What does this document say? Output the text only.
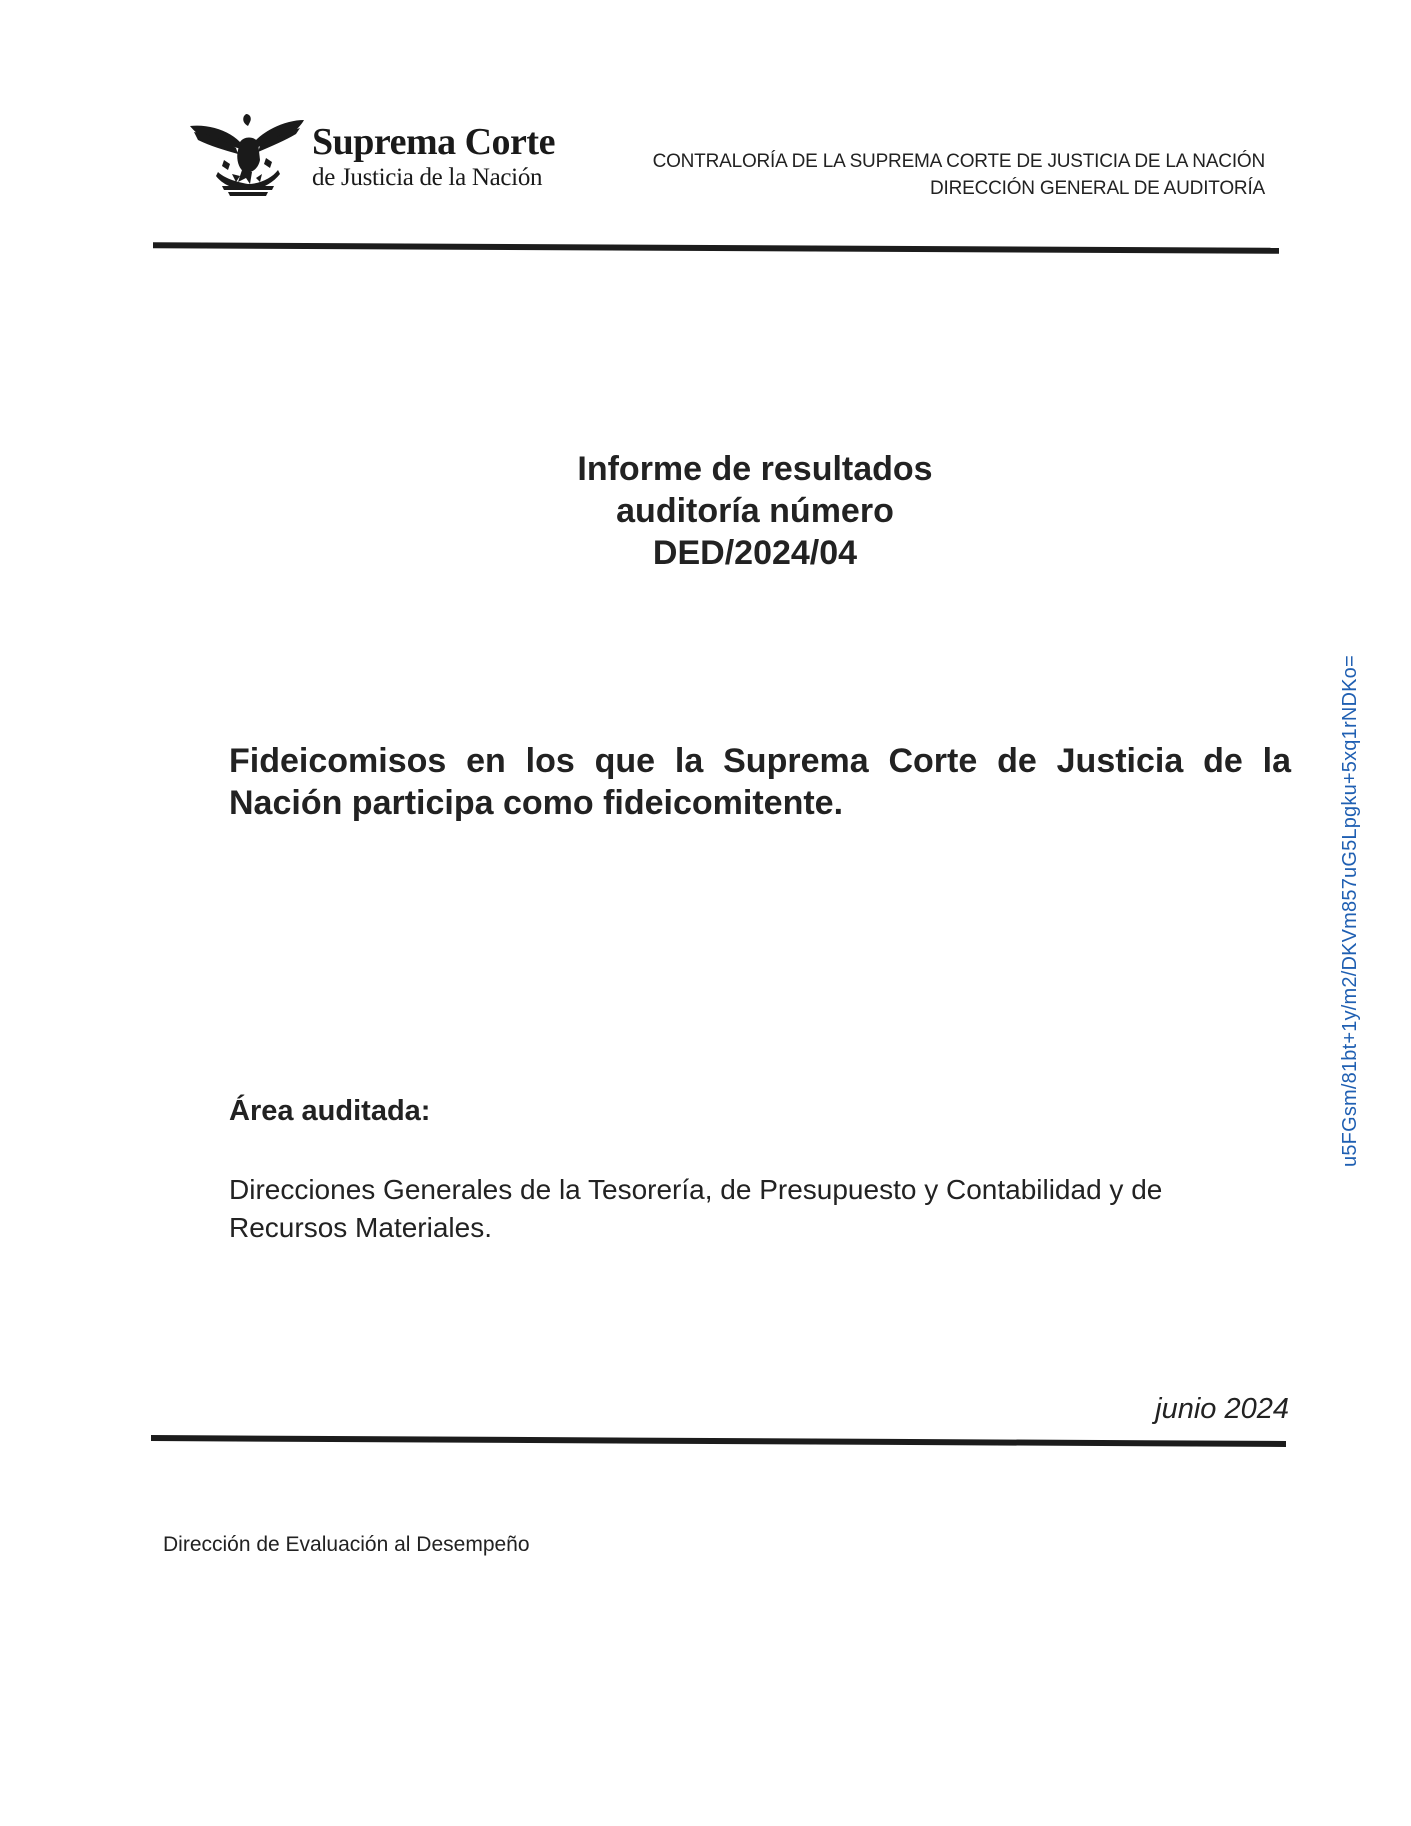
Suprema Corte
de Justicia de la Nación
CONTRALORÍA DE LA SUPREMA CORTE DE JUSTICIA DE LA NACIÓN
DIRECCIÓN GENERAL DE AUDITORÍA
Informe de resultados
auditoría número
DED/2024/04
Fideicomisos en los que la Suprema Corte de Justicia de la Nación participa como fideicomitente.
Área auditada:
Direcciones Generales de la Tesorería, de Presupuesto y Contabilidad y de Recursos Materiales.
junio 2024
Dirección de Evaluación al Desempeño
u5FGsm/81bt+1y/m2/DKVm857uG5Lpgku+5xq1rNDKo=
